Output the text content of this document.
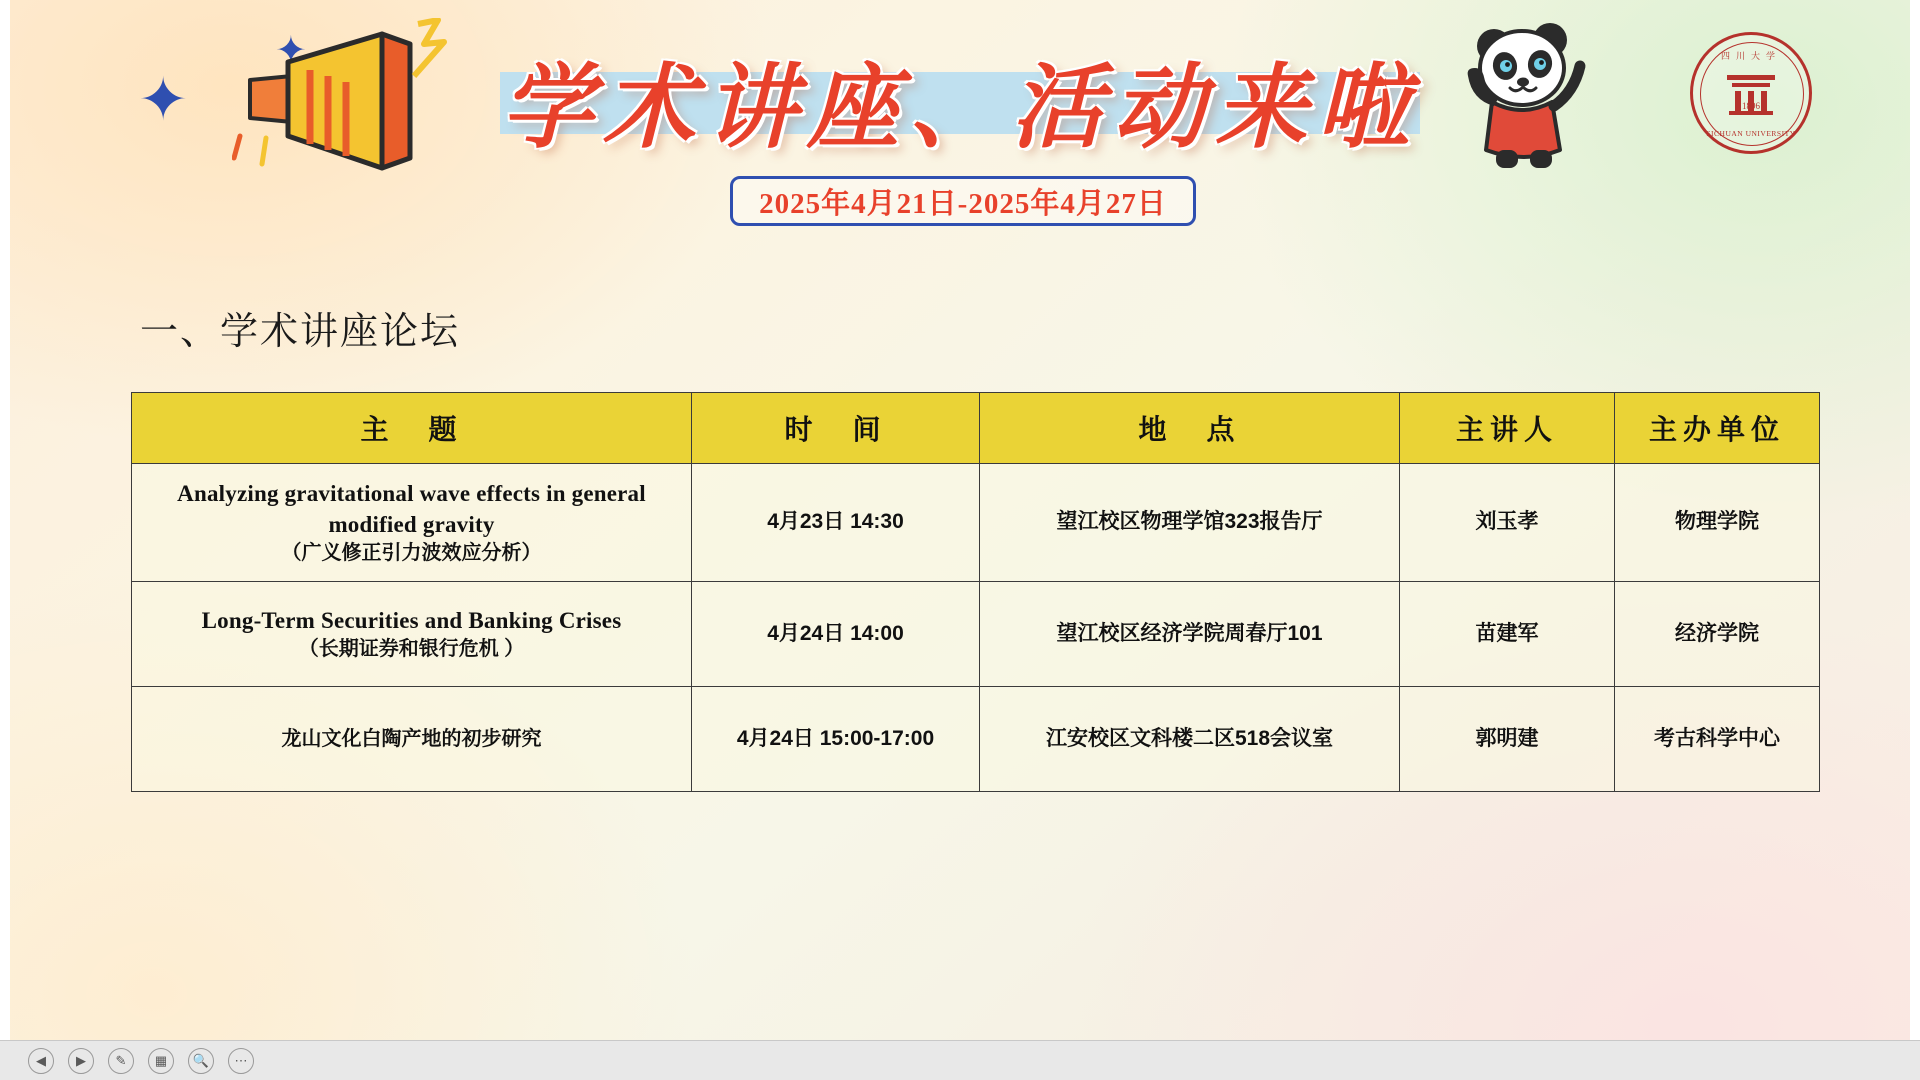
✦
✦
学术讲座、活动来啦
2025年4月21日-2025年4月27日
四川大学
1896
SICHUAN UNIVERSITY
一、学术讲座论坛
主　题	时　间	地　点	主讲人	主办单位

Analyzing gravitational wave effects in general modified gravity
（广义修正引力波效应分析）	4月23日 14:30	望江校区物理学馆323报告厅	刘玉孝	物理学院

Long-Term Securities and Banking Crises
（长期证券和银行危机 ）	4月24日 14:00	望江校区经济学院周春厅101	苗建军	经济学院

龙山文化白陶产地的初步研究	4月24日 15:00-17:00	江安校区文科楼二区518会议室	郭明建	考古科学中心
◀	▶	✎	▦	🔍	⋯
